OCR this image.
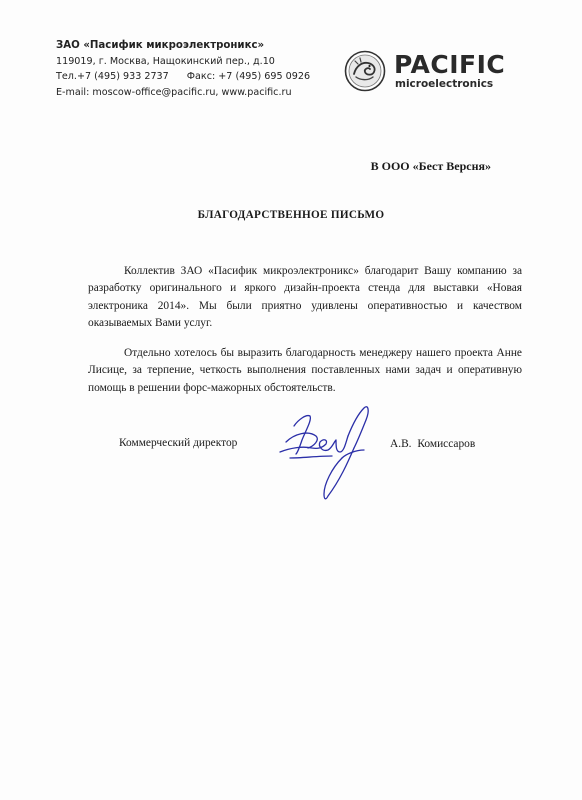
ЗАО «Пасифик микроэлектроникс»
119019, г. Москва, Нащокинский пер., д.10
Тел.+7 (495) 933 2737 Факс: +7 (495) 695 0926
E-mail: moscow-office@pacific.ru, www.pacific.ru
PACIFIC
microelectronics
В ООО «Бест Версня»
БЛАГОДАРСТВЕННОЕ ПИСЬМО

Коллектив ЗАО «Пасифик микроэлектроникс» благодарит Вашу компанию за разработку оригинального и яркого дизайн-проекта стенда для выставки «Новая электроника 2014». Мы были приятно удивлены оперативностью и качеством оказываемых Вами услуг.

Отдельно хотелось бы выразить благодарность менеджеру нашего проекта Анне Лисице, за терпение, четкость выполнения поставленных нами задач и оперативную помощь в решении форс-мажорных обстоятельств.

Коммерческий директор	А.В. Комиссаров
